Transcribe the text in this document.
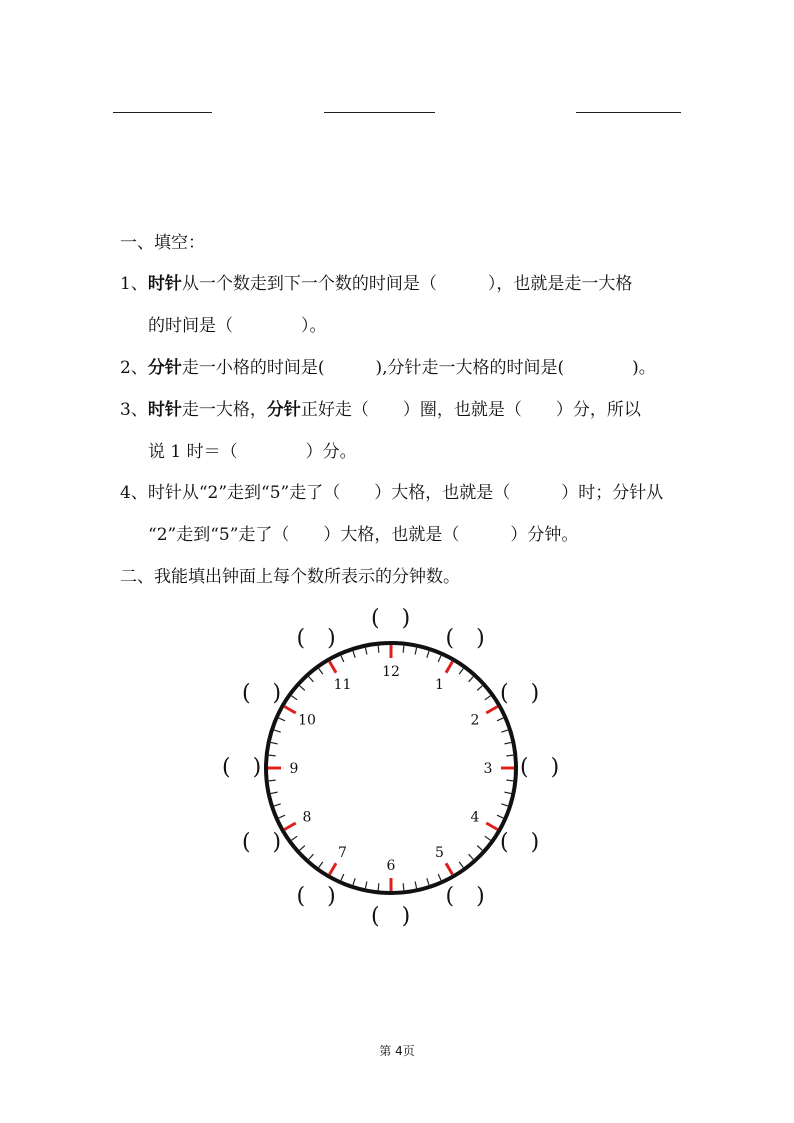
一、填空：
1、时针从一个数走到下一个数的时间是（　　　），也就是走一大格
的时间是（　　　　）。
2、分针走一小格的时间是(　　　),分针走一大格的时间是(　　　　)。
3、时针走一大格，分针正好走（　　）圈，也就是（　　）分，所以
说 1 时＝（　　　　）分。
4、时针从“2”走到“5”走了（　　）大格，也就是（　　　）时；分针从
“2”走到“5”走了（　　）大格，也就是（　　　）分钟。
二、我能填出钟面上每个数所表示的分钟数。
12
1
2
3
4
5
6
7
8
9
10
11
(　)
(　)
(　)
(　)
(　)
(　)
(　)
(　)
(　)
(　)
(　)
(　)
第 4页
